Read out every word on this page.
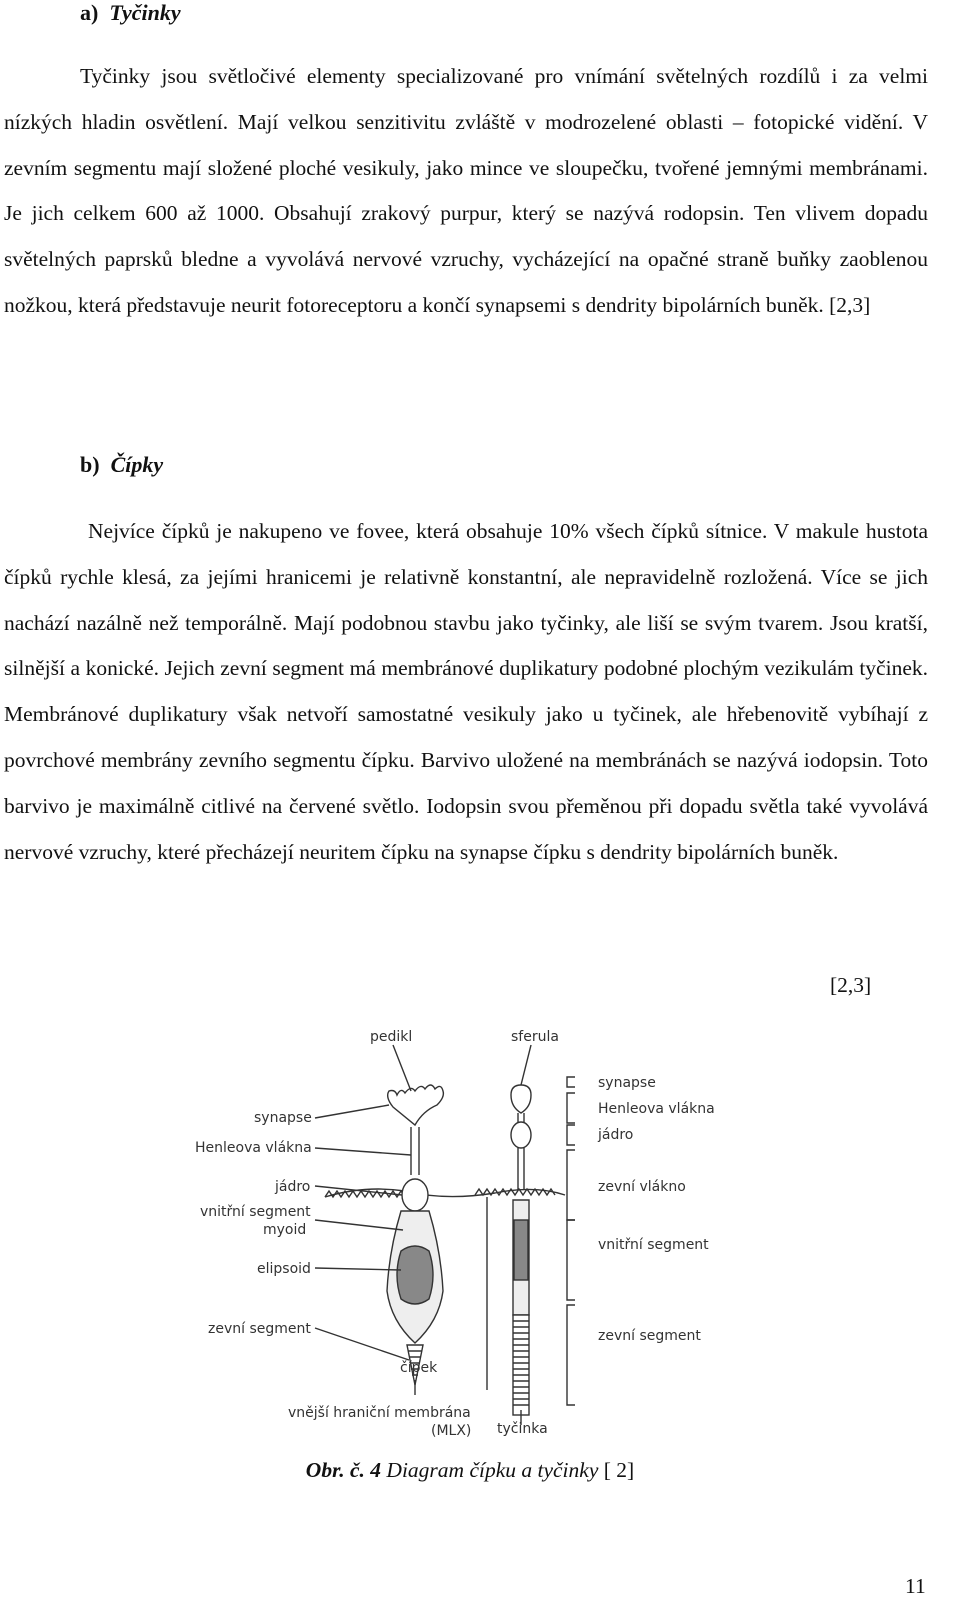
a) Tyčinky

Tyčinky jsou světločivé elementy specializované pro vnímání světelných rozdílů i za velmi nízkých hladin osvětlení. Mají velkou senzitivitu zvláště v modrozelené oblasti – fotopické vidění. V zevním segmentu mají složené ploché vesikuly, jako mince ve sloupečku, tvořené jemnými membránami. Je jich celkem 600 až 1000. Obsahují zrakový purpur, který se nazývá rodopsin. Ten vlivem dopadu světelných paprsků bledne a vyvolává nervové vzruchy, vycházející na opačné straně buňky zaoblenou nožkou, která představuje neurit fotoreceptoru a končí synapsemi s dendrity bipolárních buněk. [2,3]

b) Čípky

Nejvíce čípků je nakupeno ve fovee, která obsahuje 10% všech čípků sítnice. V makule hustota čípků rychle klesá, za jejími hranicemi je relativně konstantní, ale nepravidelně rozložená. Více se jich nachází nazálně než temporálně. Mají podobnou stavbu jako tyčinky, ale liší se svým tvarem. Jsou kratší, silnější a konické. Jejich zevní segment má membránové duplikatury podobné plochým vezikulám tyčinek. Membránové duplikatury však netvoří samostatné vesikuly jako u tyčinek, ale hřebenovitě vybíhají z povrchové membrány zevního segmentu čípku. Barvivo uložené na membránách se nazývá iodopsin. Toto barvivo je maximálně citlivé na červené světlo. Iodopsin svou přeměnou při dopadu světla také vyvolává nervové vzruchy, které přecházejí neuritem čípku na synapse čípku s dendrity bipolárních buněk.

[2,3]
pedikl	sferula
synapse
Henleova vlákna
jádro
vnitřní segment
myoid
elipsoid
zevní segment
čípek
vnější hraniční membrána
(MLX) tyčinka
synapse
Henleova vlákna
jádro
zevní vlákno
vnitřní segment
zevní segment
Obr. č. 4 Diagram čípku a tyčinky [ 2]
11
